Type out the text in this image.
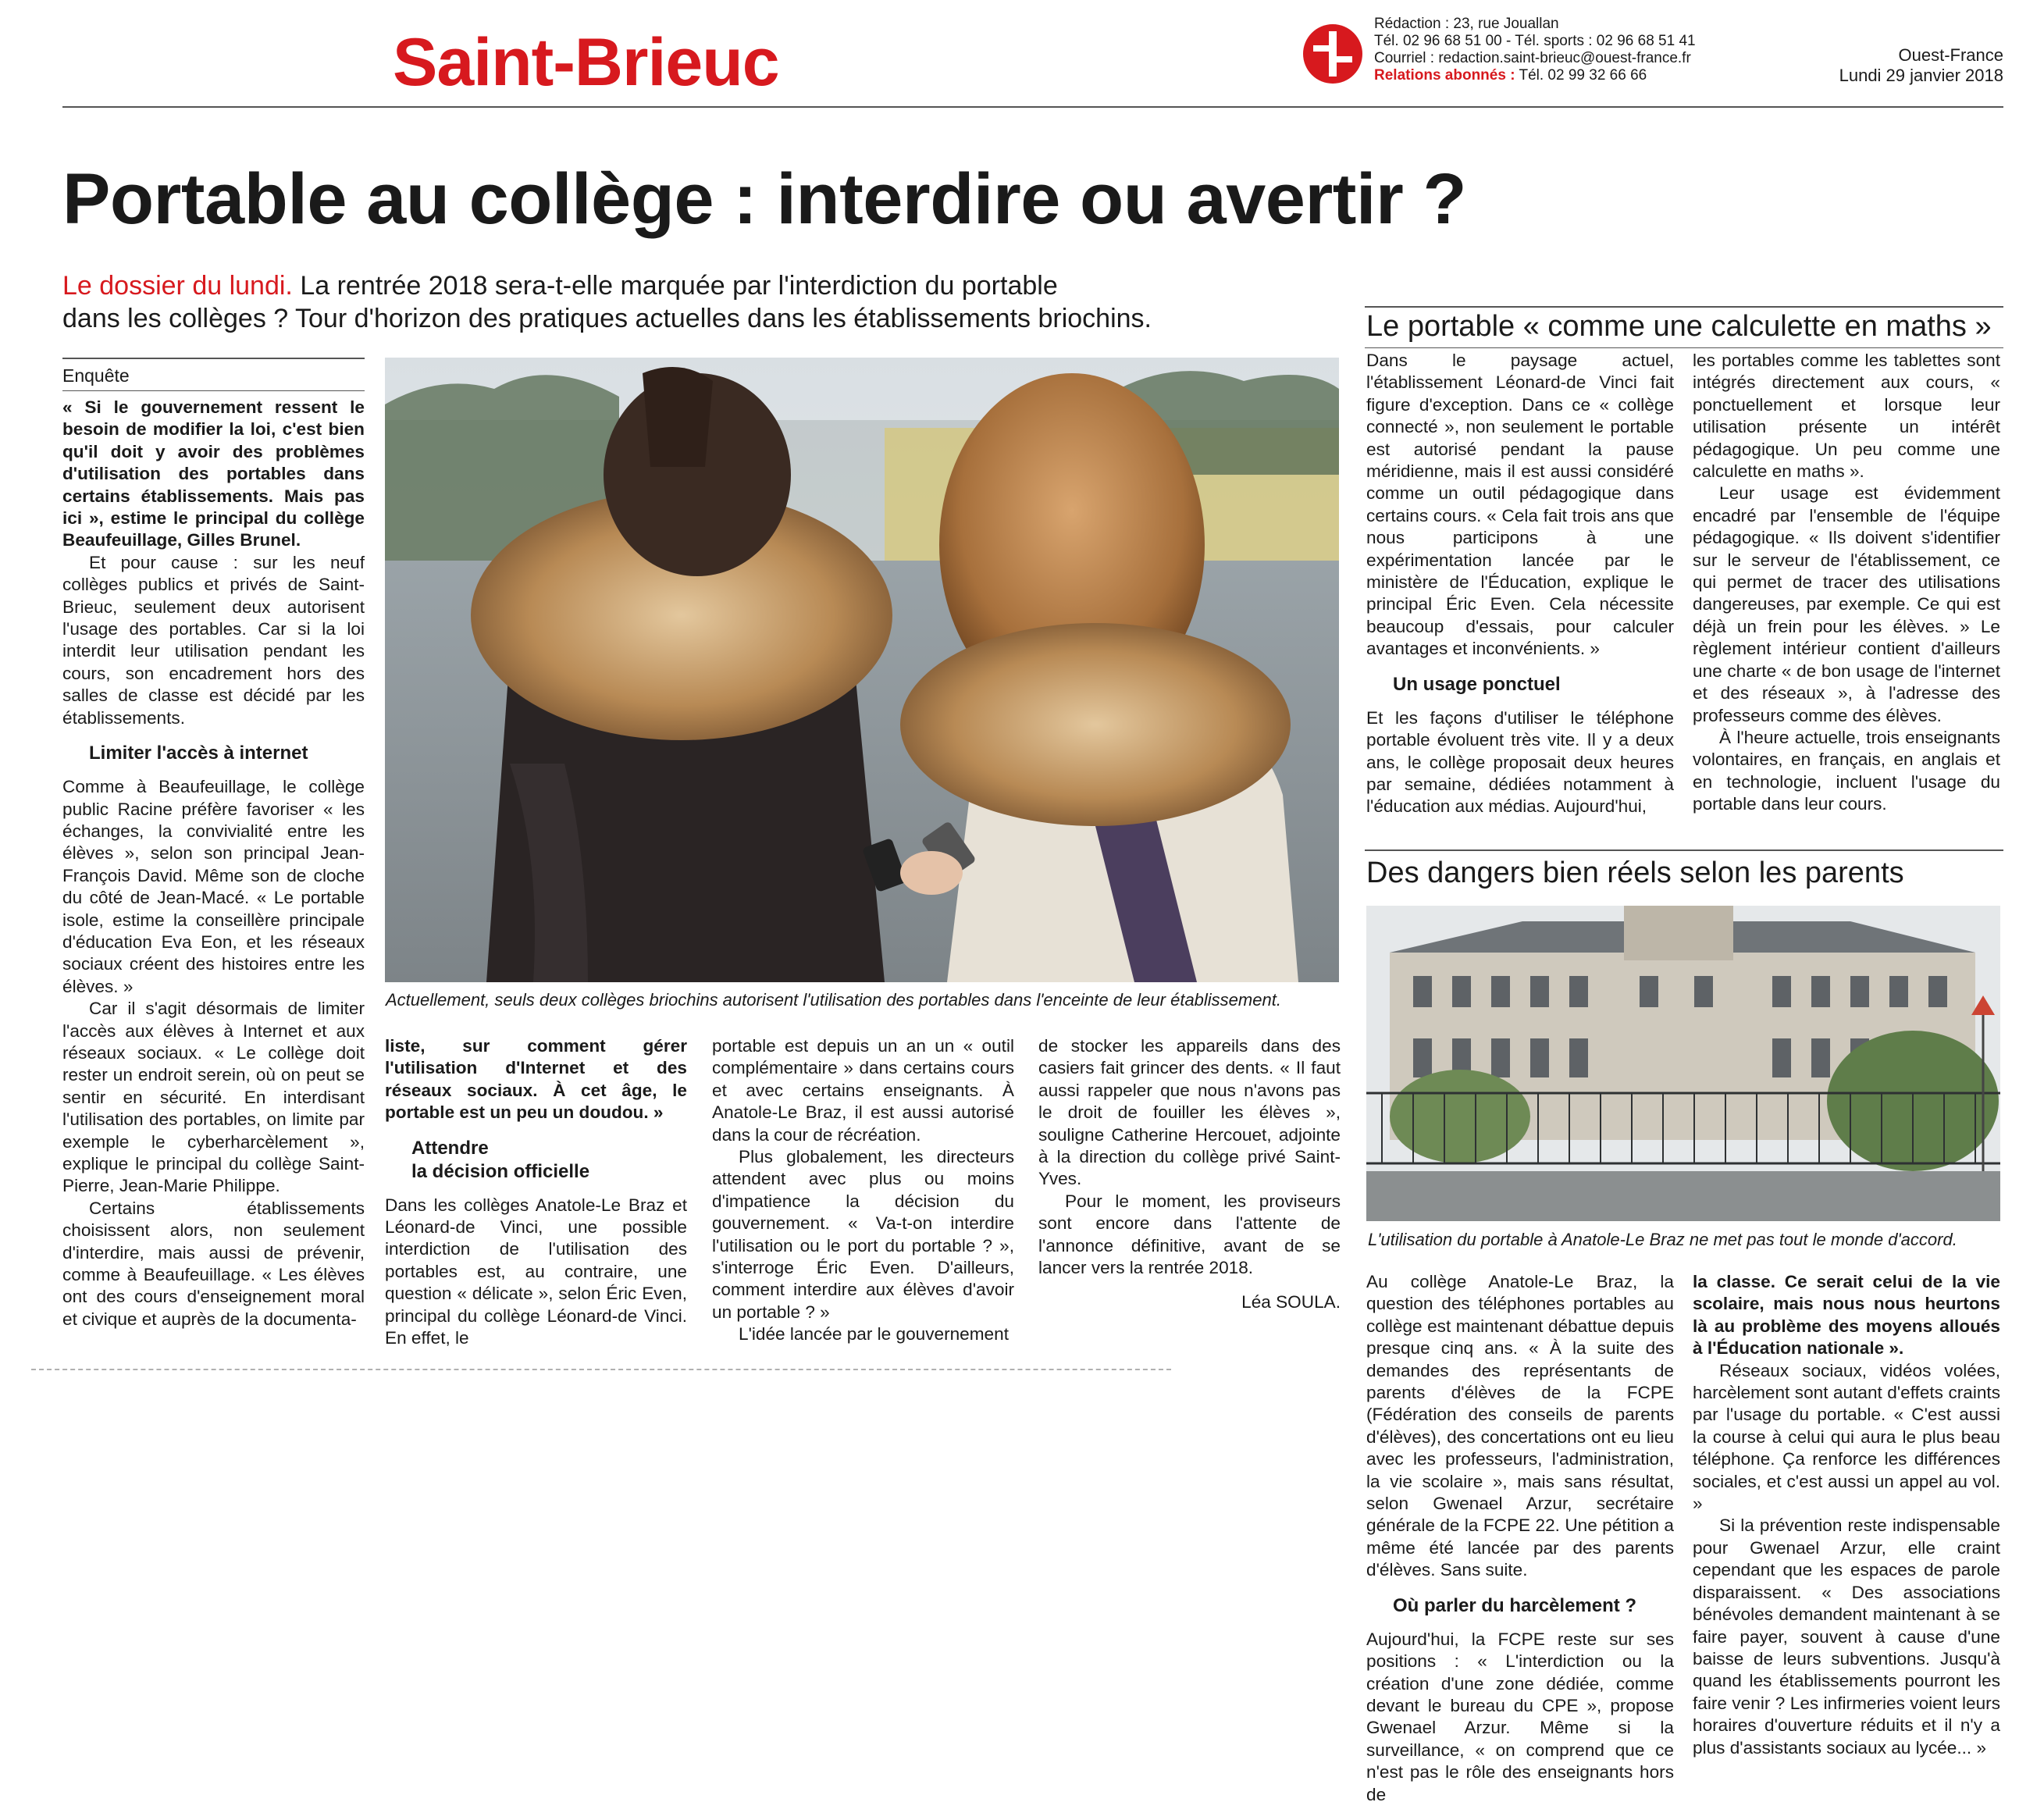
Saint-Brieuc
Rédaction : 23, rue Jouallan
Tél. 02 96 68 51 00 - Tél. sports : 02 96 68 51 41
Courriel : redaction.saint-brieuc@ouest-france.fr
Relations abonnés : Tél. 02 99 32 66 66
Ouest-France
Lundi 29 janvier 2018
Portable au collège : interdire ou avertir ?
Le dossier du lundi. La rentrée 2018 sera-t-elle marquée par l'interdiction du portable
dans les collèges ? Tour d'horizon des pratiques actuelles dans les établissements briochins.
Enquête
Actuellement, seuls deux collèges briochins autorisent l'utilisation des portables dans l'enceinte de leur établissement.

« Si le gouvernement ressent le besoin de modifier la loi, c'est bien qu'il doit y avoir des problèmes d'utilisation des portables dans certains établissements. Mais pas ici », estime le principal du collège Beaufeuillage, Gilles Brunel.

Et pour cause : sur les neuf collèges publics et privés de Saint-Brieuc, seulement deux autorisent l'usage des portables. Car si la loi interdit leur utilisation pendant les cours, son encadrement hors des salles de classe est décidé par les établissements.

Limiter l'accès à internet

Comme à Beaufeuillage, le collège public Racine préfère favoriser « les échanges, la convivialité entre les élèves », selon son principal Jean-François David. Même son de cloche du côté de Jean-Macé. « Le portable isole, estime la conseillère principale d'éducation Eva Eon, et les réseaux sociaux créent des histoires entre les élèves. »

Car il s'agit désormais de limiter l'accès aux élèves à Internet et aux réseaux sociaux. « Le collège doit rester un endroit serein, où on peut se sentir en sécurité. En interdisant l'utilisation des portables, on limite par exemple le cyberharcèlement », explique le principal du collège Saint-Pierre, Jean-Marie Philippe.

Certains établissements choisissent alors, non seulement d'interdire, mais aussi de prévenir, comme à Beaufeuillage. « Les élèves ont des cours d'enseignement moral et civique et auprès de la documenta-

liste, sur comment gérer l'utilisation d'Internet et des réseaux sociaux. À cet âge, le portable est un peu un doudou. »

Attendre
la décision officielle

Dans les collèges Anatole-Le Braz et Léonard-de Vinci, une possible interdiction de l'utilisation des portables est, au contraire, une question « délicate », selon Éric Even, principal du collège Léonard-de Vinci. En effet, le

portable est depuis un an un « outil complémentaire » dans certains cours et avec certains enseignants. À Anatole-Le Braz, il est aussi autorisé dans la cour de récréation.

Plus globalement, les directeurs attendent avec plus ou moins d'impatience la décision du gouvernement. « Va-t-on interdire l'utilisation ou le port du portable ? », s'interroge Éric Even. D'ailleurs, comment interdire aux élèves d'avoir un portable ? »

L'idée lancée par le gouvernement

de stocker les appareils dans des casiers fait grincer des dents. « Il faut aussi rappeler que nous n'avons pas le droit de fouiller les élèves », souligne Catherine Hercouet, adjointe à la direction du collège privé Saint-Yves.

Pour le moment, les proviseurs sont encore dans l'attente de l'annonce définitive, avant de se lancer vers la rentrée 2018.

Léa SOULA.
Le portable « comme une calculette en maths »

Dans le paysage actuel, l'établissement Léonard-de Vinci fait figure d'exception. Dans ce « collège connecté », non seulement le portable est autorisé pendant la pause méridienne, mais il est aussi considéré comme un outil pédagogique dans certains cours. « Cela fait trois ans que nous participons à une expérimentation lancée par le ministère de l'Éducation, explique le principal Éric Even. Cela nécessite beaucoup d'essais, pour calculer avantages et inconvénients. »

Un usage ponctuel

Et les façons d'utiliser le téléphone portable évoluent très vite. Il y a deux ans, le collège proposait deux heures par semaine, dédiées notamment à l'éducation aux médias. Aujourd'hui,

les portables comme les tablettes sont intégrés directement aux cours, « ponctuellement et lorsque leur utilisation présente un intérêt pédagogique. Un peu comme une calculette en maths ».

Leur usage est évidemment encadré par l'ensemble de l'équipe pédagogique. « Ils doivent s'identifier sur le serveur de l'établissement, ce qui permet de tracer des utilisations dangereuses, par exemple. Ce qui est déjà un frein pour les élèves. » Le règlement intérieur contient d'ailleurs une charte « de bon usage de l'internet et des réseaux », à l'adresse des professeurs comme des élèves.

À l'heure actuelle, trois enseignants volontaires, en français, en anglais et en technologie, incluent l'usage du portable dans leur cours.

Des dangers bien réels selon les parents
L'utilisation du portable à Anatole-Le Braz ne met pas tout le monde d'accord.

Au collège Anatole-Le Braz, la question des téléphones portables au collège est maintenant débattue depuis presque cinq ans. « À la suite des demandes des représentants de parents d'élèves de la FCPE (Fédération des conseils de parents d'élèves), des concertations ont eu lieu avec les professeurs, l'administration, la vie scolaire », mais sans résultat, selon Gwenael Arzur, secrétaire générale de la FCPE 22. Une pétition a même été lancée par des parents d'élèves. Sans suite.

Où parler du harcèlement ?

Aujourd'hui, la FCPE reste sur ses positions : « L'interdiction ou la création d'une zone dédiée, comme devant le bureau du CPE », propose Gwenael Arzur. Même si la surveillance, « on comprend que ce n'est pas le rôle des enseignants hors de

la classe. Ce serait celui de la vie scolaire, mais nous nous heurtons là au problème des moyens alloués à l'Éducation nationale ».

Réseaux sociaux, vidéos volées, harcèlement sont autant d'effets craints par l'usage du portable. « C'est aussi la course à celui qui aura le plus beau téléphone. Ça renforce les différences sociales, et c'est aussi un appel au vol. »

Si la prévention reste indispensable pour Gwenael Arzur, elle craint cependant que les espaces de parole disparaissent. « Des associations bénévoles demandent maintenant à se faire payer, souvent à cause d'une baisse de leurs subventions. Jusqu'à quand les établissements pourront les faire venir ? Les infirmeries voient leurs horaires d'ouverture réduits et il n'y a plus d'assistants sociaux au lycée... »
